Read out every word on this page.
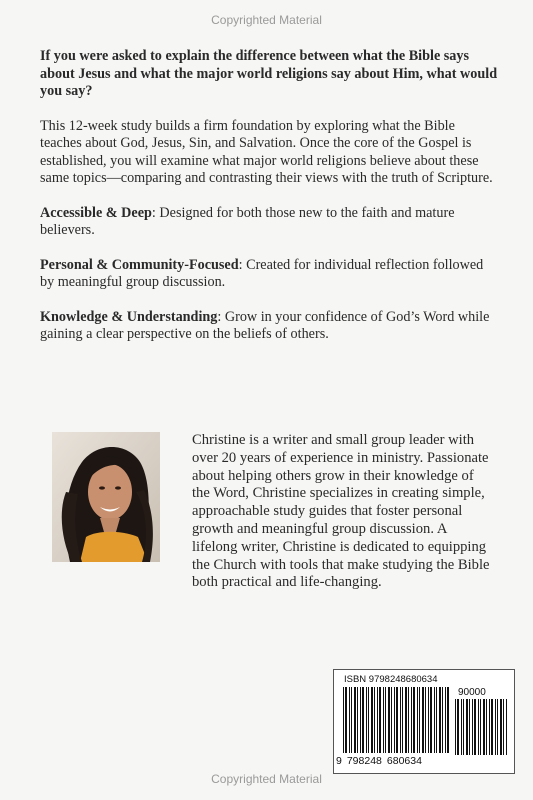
Copyrighted Material

If you were asked to explain the difference between what the Bible says about Jesus and what the major world religions say about Him, what would you say?

This 12-week study builds a firm foundation by exploring what the Bible teaches about God, Jesus, Sin, and Salvation. Once the core of the Gospel is established, you will examine what major world religions believe about these same topics—comparing and contrasting their views with the truth of Scripture.

Accessible & Deep: Designed for both those new to the faith and mature believers.

Personal & Community-Focused: Created for individual reflection followed by meaningful group discussion.

Knowledge & Understanding: Grow in your confidence of God’s Word while gaining a clear perspective on the beliefs of others.

Christine is a writer and small group leader with over 20 years of experience in ministry. Passionate about helping others grow in their knowledge of the Word, Christine specializes in creating simple, approachable study guides that foster personal growth and meaningful group discussion. A lifelong writer, Christine is dedicated to equipping the Church with tools that make studying the Bible both practical and life-changing.
ISBN 9798248680634
90000
9 798248 680634
Copyrighted Material
